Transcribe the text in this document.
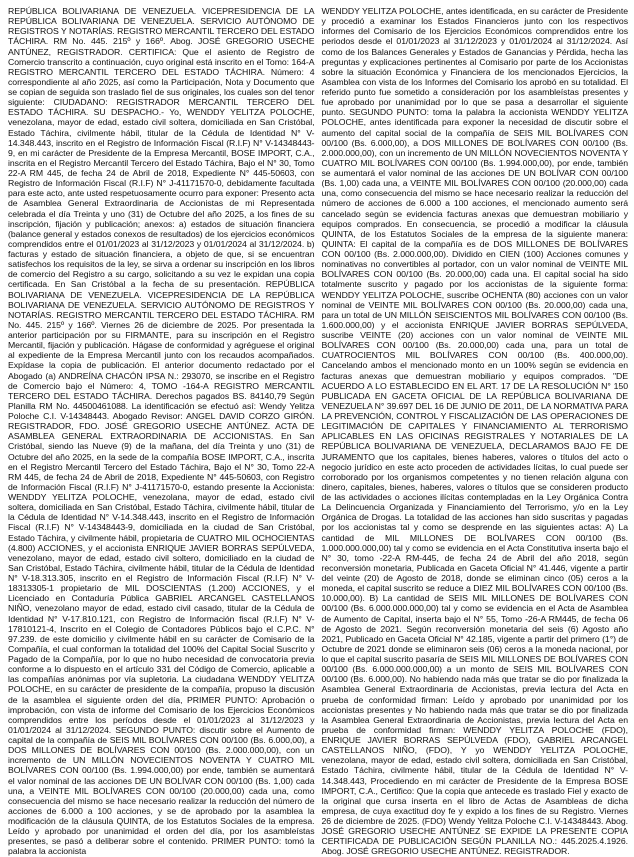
REPÚBLICA BOLIVARIANA DE VENEZUELA. VICEPRESIDENCIA DE LA REPÚBLICA BOLIVARIANA DE VENEZUELA. SERVICIO AUTÓNOMO DE REGISTROS Y NOTARÍAS. REGISTRO MERCANTIL TERCERO DEL ESTADO TÁCHIRA. RM No. 445. 215º y 166º. Abog. JOSÉ GREGORIO USECHE ANTÚNEZ, REGISTRADOR. CERTIFICA: Que el asiento de Registro de Comercio transcrito a continuación, cuyo original está inscrito en el Tomo: 164-A REGISTRO MERCANTIL TERCERO DEL ESTADO TÁCHIRA. Número: 4 correspondiente al año 2025, así como la Participación, Nota y Documento que se copian de seguida son traslado fiel de sus originales, los cuales son del tenor siguiente: CIUDADANO: REGISTRADOR MERCANTIL TERCERO DEL ESTADO TÁCHIRA. SU DESPACHO.- Yo, WENDDY YELITZA POLOCHE, venezolana, mayor de edad, estado civil soltera, domiciliada en San Cristóbal, Estado Táchira, civilmente hábil, titular de la Cédula de Identidad N° V- 14.348.443, inscrito en el Registro de Información Fiscal (R.I.F) N° V-14348443-9, en mi carácter de Presidente de la Empresa Mercantil, BOSE IMPORT, C.A., inscrita en el Registro Mercantil Tercero del Estado Táchira, Bajo el N° 30, Tomo 22-A RM 445, de fecha 24 de Abril de 2018, Expediente N° 445-50603, con Registro de Información Fiscal (R.I.F) N° J-41171570-0, debidamente facultada para este acto, ante usted respetuosamente ocurro para exponer: Presento acta de Asamblea General Extraordinaria de Accionistas de mi Representada celebrada el día Treinta y uno (31) de Octubre del año 2025, a los fines de su inscripción, fijación y publicación; anexos: a) estados de situación financiera (balance general y estados conexos de resultados) de los ejercicios económicos comprendidos entre el 01/01/2023 al 31/12/2023 y 01/01/2024 al 31/12/2024. b) facturas y estado de situación financiera, a objeto de que, si se encuentran satisfechos los requisitos de la ley, se sirva a ordenar su inscripción en los libros de comercio del Registro a su cargo, solicitando a su vez le expidan una copia certificada. En San Cristóbal a la fecha de su presentación. REPÚBLICA BOLIVARIANA DE VENEZUELA. VICEPRESIDENCIA DE LA REPÚBLICA BOLIVARIANA DE VENEZUELA. SERVICIO AUTÓNOMO DE REGISTROS Y NOTARÍAS. REGISTRO MERCANTIL TERCERO DEL ESTADO TÁCHIRA. RM No. 445. 215º y 166º. Viernes 26 de diciembre de 2025. Por presentada la anterior participación por su FIRMANTE, para su inscripción en el Registro Mercantil, fijación y publicación. Hágase de conformidad y agréguese el original al expediente de la Empresa Mercantil junto con los recaudos acompañados. Expídase la copia de publicación. El anterior documento redactado por el Abogado (a) ANDREÍNA CHACÓN IPSA N.: 293070, se inscribe en el Registro de Comercio bajo el Número: 4, TOMO -164-A REGISTRO MERCANTIL TERCERO DEL ESTADO TÁCHIRA. Derechos pagados BS. 84140,79 Según Planilla RM No. 44500461088. La identificación se efectuó así: Wendy Yelitza Poloche C.I. V-14348443. Abogado Revisor: ANGEL DAVID CORZO GIRÓN. REGISTRADOR, FDO. JOSÉ GREGORIO USECHE ANTÚNEZ. ACTA DE ASAMBLEA GENERAL EXTRAORDINARIA DE ACCIONISTAS. En San Cristóbal, siendo las Nueve (9) de la mañana, del día Treinta y uno (31) de Octubre del año 2025, en la sede de la compañía BOSE IMPORT, C.A., inscrita en el Registro Mercantil Tercero del Estado Táchira, Bajo el N° 30, Tomo 22-A RM 445, de fecha 24 de Abril de 2018, Expediente N° 445-50603, con Registro de Información Fiscal (R.I.F) N° J-41171570-0, estando presente la Accionista: WENDDY YELITZA POLOCHE, venezolana, mayor de edad, estado civil soltera, domiciliada en San Cristóbal, Estado Táchira, civilmente hábil, titular de la Cédula de Identidad N° V-14.348.443, inscrito en el Registro de Información Fiscal (R.I.F) N° V-14348443-9, domiciliada en la ciudad de San Cristóbal, Estado Táchira, y civilmente hábil, propietaria de CUATRO MIL OCHOCIENTAS (4.800) ACCIONES, y el accionista ENRIQUE JAVIER BORRAS SEPÚLVEDA, venezolano, mayor de edad, estado civil soltero, domiciliado en la ciudad de San Cristóbal, Estado Táchira, civilmente hábil, titular de la Cédula de Identidad N° V-18.313.305, inscrito en el Registro de Información Fiscal (R.I.F) N° V-18313305-1 propietario de MIL DOSCIENTAS (1.200) ACCIONES, y el Licenciado en Contaduría Pública GABRIEL ARCANGEL CASTELLANOS NIÑO, venezolano mayor de edad, estado civil casado, titular de la Cédula de Identidad N° V-17.810.121, con Registro de Información fiscal (R.I.F) N° V-17810121-4, Inscrito en el Colegio de Contadores Públicos bajo el C.P.C. N° 97.239. de este domicilio y civilmente hábil en su carácter de Comisario de la Compañía, el cual conforman la totalidad del 100% del Capital Social Suscrito y Pagado de la Compañía, por lo que no hubo necesidad de convocatoria previa conforme a lo dispuesto en el artículo 331 del Código de Comercio, aplicable a las compañías anónimas por vía supletoria. La ciudadana WENDDY YELITZA POLOCHE, en su carácter de presidente de la compañía, propuso la discusión de la asamblea el siguiente orden del día, PRIMER PUNTO: Aprobación o improbación, con vista de informe del Comisario de los Ejercicios Económicos comprendidos entre los períodos desde el 01/01/2023 al 31/12/2023 y 01/01/2024 al 31/12/2024. SEGUNDO PUNTO: discutir sobre el Aumento de capital de la compañía de SEIS MIL BOLÍVARES CON 00/100 (Bs. 6.000,00), a DOS MILLONES DE BOLÍVARES CON 00/100 (Bs. 2.000.000,00), con un incremento de UN MILLÓN NOVECIENTOS NOVENTA Y CUATRO MIL BOLÍVARES CON 00/100 (Bs. 1.994.000,00) por ende, también se aumentará el valor nominal de las acciones DE UN BOLÍVAR CON 00/100 (Bs. 1,00) cada una, a VEINTE MIL BOLÍVARES CON 00/100 (20.000,00) cada una, como consecuencia del mismo se hace necesario realizar la reducción del número de acciones de 6.000 a 100 acciones, y se de aprobado por la asamblea la modificación de la cláusula QUINTA, de los Estatutos Sociales de la empresa. Leído y aprobado por unanimidad el orden del día, por los asambleístas presentes, se pasó a deliberar sobre el contenido. PRIMER PUNTO: tomó la palabra la accionista

WENDDY YELITZA POLOCHE, antes identificada, en su carácter de Presidente y procedió a examinar los Estados Financieros junto con los respectivos informes del Comisario de los Ejercicios Económicos comprendidos entre los periodos desde el 01/01/2023 al 31/12/2023 y 01/01/2024 al 31/12/2024. Así como de los Balances Generales y Estados de Ganancias y Pérdida, hecha las preguntas y explicaciones pertinentes al Comisario por parte de los Accionistas sobre la situación Económica y Financiera de los mencionados Ejercicios, la Asamblea con vista de los Informes del Comisario los aprobó en su totalidad. El referido punto fue sometido a consideración por los asambleístas presentes y fue aprobado por unanimidad por lo que se pasa a desarrollar el siguiente punto. SEGUNDO PUNTO: toma la palabra la accionista WENDDY YELITZA POLOCHE, antes identificada para exponer la necesidad de discutir sobre el aumento del capital social de la compañía de SEIS MIL BOLÍVARES CON 00/100 (Bs. 6.000,00), a DOS MILLONES DE BOLÍVARES CON 00/100 (Bs. 2.000.000,00), con un incremento de UN MILLÓN NOVECIENTOS NOVENTA Y CUATRO MIL BOLÍVARES CON 00/100 (Bs. 1.994.000,00), por ende, también se aumentará el valor nominal de las acciones DE UN BOLÍVAR CON 00/100 (Bs. 1,00) cada una, a VEINTE MIL BOLÍVARES CON 00/100 (20.000,00) cada una, como consecuencia del mismo se hace necesario realizar la reducción del número de acciones de 6.000 a 100 acciones, el mencionado aumento será cancelado según se evidencia facturas anexas que demuestran mobiliario y equipos comprados. En consecuencia, se procedió a modificar la cláusula QUINTA, de los Estatutos Sociales de la empresa de la siguiente manera: QUINTA: El capital de la compañía es de DOS MILLONES DE BOLÍVARES CON 00/100 (Bs. 2.000.000,00). Dividido en CIEN (100) Acciones comunes y nominativas no convertibles al portador, con un valor nominal de VEINTE MIL BOLÍVARES CON 00/100 (Bs. 20.000,00) cada una. El capital social ha sido totalmente suscrito y pagado por los accionistas de la siguiente forma: WENDDY YELITZA POLOCHE, suscribe OCHENTA (80) acciones con un valor nominal de VEINTE MIL BOLÍVARES CON 00/100 (Bs. 20.000,00) cada una, para un total de UN MILLÓN SEISCIENTOS MIL BOLÍVARES CON 00/100 (Bs. 1.600.000,00) y el accionista ENRIQUE JAVIER BORRAS SEPÚLVEDA, suscribe VEINTE (20) acciones con un valor nominal de VEINTE MIL BOLÍVARES CON 00/100 (Bs. 20.000,00) cada una, para un total de CUATROCIENTOS MIL BOLÍVARES CON 00/100 (Bs. 400.000,00). Cancelando ambos el mencionado monto en un 100% según se evidencia en facturas anexas que demuestran mobiliario y equipos comprados. "DE ACUERDO A LO ESTABLECIDO EN EL ART. 17 DE LA RESOLUCIÓN N° 150 PUBLICADA EN GACETA OFICIAL DE LA REPÚBLICA BOLIVARIANA DE VENEZUELA N° 39.697 DEL 16 DE JUNIO DE 2011, DE LA NORMATIVA PARA LA PREVENCIÓN, CONTROL Y FISCALIZACIÓN DE LAS OPERACIONES DE LEGITIMACIÓN DE CAPITALES Y FINANCIAMIENTO AL TERRORISMO APLICABLES EN LAS OFICINAS REGISTRALES Y NOTARIALES DE LA REPÚBLICA BOLIVARIANA DE VENEZUELA, DECLARAMOS BAJO FE DE JURAMENTO que los capitales, bienes haberes, valores o títulos del acto o negocio jurídico en este acto proceden de actividades lícitas, lo cual puede ser corroborado por los organismos competentes y no tienen relación alguna con dinero, capitales, bienes, haberes, valores o títulos que se consideren producto de las actividades o acciones ilícitas contempladas en la Ley Orgánica Contra La Delincuencia Organizada y Financiamiento del Terrorismo, y/o en la Ley Orgánica de Drogas. La totalidad de las acciones han sido suscritas y pagadas por los accionistas tal y como se desprende en las siguientes actas: A) La cantidad de MIL MILLONES DE BOLÍVARES CON 00/100 (Bs. 1.000.000.000,00) tal y como se evidencia en el Acta Constitutiva inserta bajo el N° 30, tomo -22-A RM-445, de fecha 24 de Abril del año 2018, según reconversión monetaria, Publicada en Gaceta Oficial N° 41.446, vigente a partir del veinte (20) de Agosto de 2018, donde se eliminan cinco (05) ceros a la moneda, el capital suscrito se reduce a DIEZ MIL BOLÍVARES CON 00/100 (Bs. 10.000,00). B) La cantidad de SEIS MIL MILLONES DE BOLÍVARES CON 00/100 (Bs. 6.000.000.000,00) tal y como se evidencia en el Acta de Asamblea de Aumento de Capital, inserta bajo el N° 55, Tomo -26-A RM445, de fecha 06 de Agosto de 2021. Según reconversión monetaria del seis (6) Agosto año 2021, Publicado en Gaceta Oficial N° 42.185, vigente a partir del primero (1°) de Octubre de 2021 donde se eliminaron seis (06) ceros a la moneda nacional, por lo que el capital suscrito pasaría de SEIS MIL MILLONES DE BOLÍVARES CON 00/100 (Bs. 6.000.000.000,00) a un monto de SEIS MIL BOLÍVARES CON 00/100 (Bs. 6.000,00). No habiendo nada más que tratar se dio por finalizada la Asamblea General Extraordinaria de Accionistas, previa lectura del Acta en prueba de conformidad firman: Leído y aprobado por unanimidad por los accionistas presentes y No habiendo nada más que tratar se dio por finalizada la Asamblea General Extraordinaria de Accionistas, previa lectura del Acta en prueba de conformidad firman: WENDDY YELITZA POLOCHE (FDO), ENRIQUE JAVIER BORRAS SEPÚLVEDA (FDO), GABRIEL ARCANGEL CASTELLANOS NIÑO, (FDO), Y yo WENDDY YELITZA POLOCHE, venezolana, mayor de edad, estado civil soltera, domiciliada en San Cristóbal, Estado Táchira, civilmente hábil, titular de la Cédula de Identidad N° V-14.348.443, Procediendo en mi carácter de Presidente de la Empresa BOSE IMPORT, C.A., Certifico: Que la copia que antecede es traslado Fiel y exacto de la original que cursa inserta en el libro de Actas de Asambleas de dicha empresa, de cuya exactitud doy fe y expido a los fines de su Registro. Viernes 26 de diciembre de 2025. (FDO) Wendy Yelitza Poloche C.I. V-14348443. Abog. JOSÉ GREGORIO USECHE ANTÚNEZ SE EXPIDE LA PRESENTE COPIA CERTIFICADA DE PUBLICACIÓN SEGÚN PLANILLA NO.: 445.2025.4.1926. Abog. JOSÉ GREGORIO USECHE ANTÚNEZ. REGISTRADOR.
